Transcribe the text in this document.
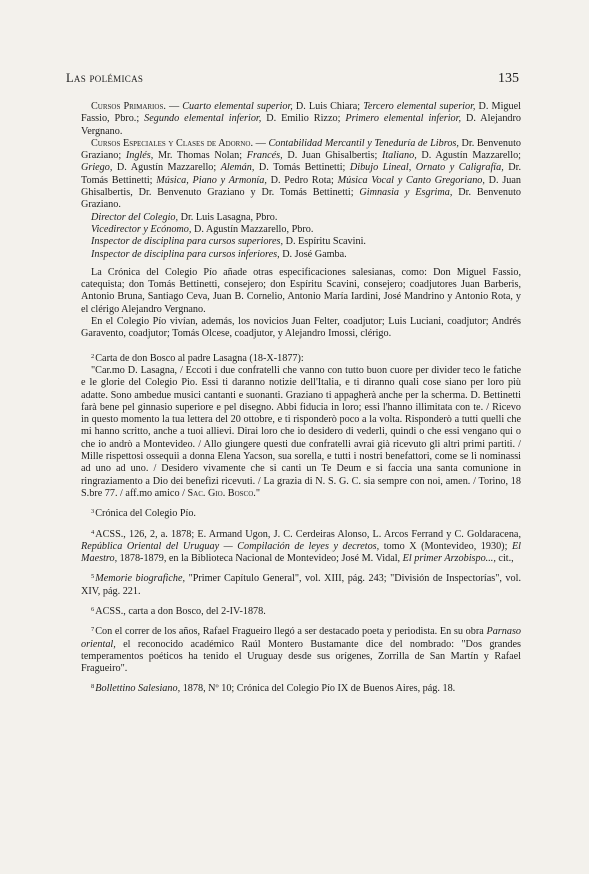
Las polémicas	135

Cursos Primarios. — Cuarto elemental superior, D. Luis Chiara; Tercero elemental superior, D. Miguel Fassio, Pbro.; Segundo elemental inferior, D. Emilio Rizzo; Primero elemental inferior, D. Alejandro Vergnano.

Cursos Especiales y Clases de Adorno. — Contabilidad Mercantil y Teneduría de Libros, Dr. Benvenuto Graziano; Inglés, Mr. Thomas Nolan; Francés, D. Juan Ghisalbertis; Italiano, D. Agustín Mazzarello; Griego, D. Agustín Mazzarello; Alemán, D. Tomás Bettinetti; Dibujo Lineal, Ornato y Caligrafía, Dr. Tomás Bettinetti; Música, Piano y Armonía, D. Pedro Rota; Música Vocal y Canto Gregoriano, D. Juan Ghisalbertis, Dr. Benvenuto Graziano y Dr. Tomás Bettinetti; Gimnasia y Esgrima, Dr. Benvenuto Graziano.

Director del Colegio, Dr. Luis Lasagna, Pbro.
Vicedirector y Ecónomo, D. Agustín Mazzarello, Pbro.
Inspector de disciplina para cursos superiores, D. Espíritu Scavini.
Inspector de disciplina para cursos inferiores, D. José Gamba.

La Crónica del Colegio Pío añade otras especificaciones salesianas, como: Don Miguel Fassio, catequista; don Tomás Bettinetti, consejero; don Espíritu Scavini, consejero; coadjutores Juan Barberis, Antonio Bruna, Santiago Ceva, Juan B. Cornelio, Antonio María Iardini, José Mandrino y Antonio Rota, y el clérigo Alejandro Vergnano.

En el Colegio Pío vivían, además, los novicios Juan Felter, coadjutor; Luis Luciani, coadjutor; Andrés Garavento, coadjutor; Tomás Olcese, coadjutor, y Alejandro Imossi, clérigo.

$^2$Carta de don Bosco al padre Lasagna (18-X-1877):

"Car.mo D. Lasagna, / Eccoti i due confratelli che vanno con tutto buon cuore per divider teco le fatiche e le glorie del Colegio Pio. Essi ti daranno notizie dell'Italia, e ti diranno quali cose siano per loro più adatte. Sono ambedue musici cantanti e suonanti. Graziano ti appagherà anche per la scherma. D. Bettinetti farà bene pel ginnasio superiore e pel disegno. Abbi fiducia in loro; essi l'hanno illimitata con te. / Ricevo in questo momento la tua lettera del 20 ottobre, e ti risponderò poco a la volta. Risponderò a tutti quelli che mi hanno scritto, anche a tuoi allievi. Dirai loro che io desidero di vederli, quindi o che essi vengano qui o che io andrò a Montevideo. / Allo giungere questi due confratelli avrai già ricevuto gli altri primi partiti. / Mille rispettosi ossequii a donna Elena Yacson, sua sorella, e tutti i nostri benefattori, come se li nominassi ad uno ad uno. / Desidero vivamente che si canti un Te Deum e si faccia una santa comunione in ringraziamento a Dio dei benefizi ricevuti. / La grazia di N. S. G. C. sia sempre con noi, amen. / Torino, 18 S.bre 77. / aff.mo amico / Sac. Gio. Bosco."

$^3$Crónica del Colegio Pío.

$^4$ACSS., 126, 2, a. 1878; E. Armand Ugon, J. C. Cerdeiras Alonso, L. Arcos Ferrand y C. Goldaracena, República Oriental del Uruguay — Compilación de leyes y decretos, tomo X (Montevideo, 1930); El Maestro, 1878-1879, en la Biblioteca Nacional de Montevideo; José M. Vidal, El primer Arzobispo..., cit.,

$^5$Memorie biografiche, "Primer Capítulo General", vol. XIII, pág. 243; "División de Inspectorías", vol. XIV, pág. 221.

$^6$ACSS., carta a don Bosco, del 2-IV-1878.

$^7$Con el correr de los años, Rafael Fragueiro llegó a ser destacado poeta y periodista. En su obra Parnaso oriental, el reconocido académico Raúl Montero Bustamante dice del nombrado: "Dos grandes temperamentos poéticos ha tenido el Uruguay desde sus orígenes, Zorrilla de San Martín y Rafael Fragueiro".

$^8$Bollettino Salesiano, 1878, Nº 10; Crónica del Colegio Pío IX de Buenos Aires, pág. 18.
